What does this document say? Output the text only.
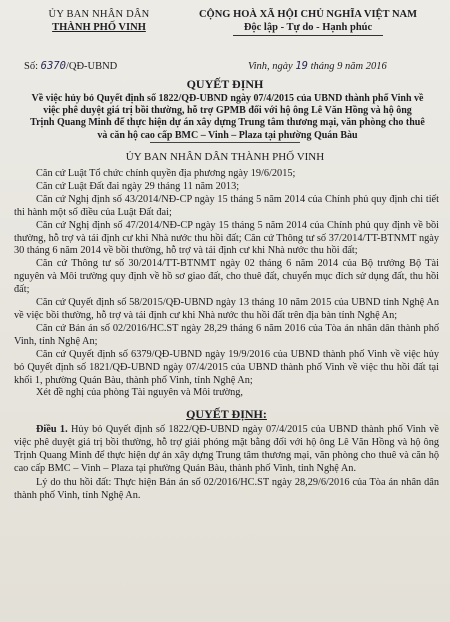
ỦY BAN NHÂN DÂN
THÀNH PHỐ VINH
CỘNG HOÀ XÃ HỘI CHỦ NGHĨA VIỆT NAM
Độc lập - Tự do - Hạnh phúc
Số: 6370/QĐ-UBND	Vinh, ngày 19 tháng 9 năm 2016
QUYẾT ĐỊNH
Về việc hủy bỏ Quyết định số 1822/QĐ-UBND ngày 07/4/2015 của UBND thành phố Vinh về việc phê duyệt giá trị bồi thường, hỗ trợ GPMB đối với hộ ông Lê Văn Hồng và hộ ông Trịnh Quang Minh để thực hiện dự án xây dựng Trung tâm thương mại, văn phòng cho thuê và căn hộ cao cấp BMC – Vinh – Plaza tại phường Quán Bàu
ỦY BAN NHÂN DÂN THÀNH PHỐ VINH

Căn cứ Luật Tổ chức chính quyền địa phương ngày 19/6/2015;

Căn cứ Luật Đất đai ngày 29 tháng 11 năm 2013;

Căn cứ Nghị định số 43/2014/NĐ-CP ngày 15 tháng 5 năm 2014 của Chính phủ quy định chi tiết thi hành một số điều của Luật Đất đai;

Căn cứ Nghị định số 47/2014/NĐ-CP ngày 15 tháng 5 năm 2014 của Chính phủ quy định về bồi thường, hỗ trợ và tái định cư khi Nhà nước thu hồi đất; Căn cứ Thông tư số 37/2014/TT-BTNMT ngày 30 tháng 6 năm 2014 về bồi thường, hỗ trợ và tái định cư khi Nhà nước thu hồi đất;

Căn cứ Thông tư số 30/2014/TT-BTNMT ngày 02 tháng 6 năm 2014 của Bộ trưởng Bộ Tài nguyên và Môi trường quy định về hồ sơ giao đất, cho thuê đất, chuyển mục đích sử dụng đất, thu hồi đất;

Căn cứ Quyết định số 58/2015/QĐ-UBND ngày 13 tháng 10 năm 2015 của UBND tỉnh Nghệ An về việc bồi thường, hỗ trợ và tái định cư khi Nhà nước thu hồi đất trên địa bàn tỉnh Nghệ An;

Căn cứ Bản án số 02/2016/HC.ST ngày 28,29 tháng 6 năm 2016 của Tòa án nhân dân thành phố Vinh, tỉnh Nghệ An;

Căn cứ Quyết định số 6379/QĐ-UBND ngày 19/9/2016 của UBND thành phố Vinh về việc hủy bỏ Quyết định số 1821/QĐ-UBND ngày 07/4/2015 của UBND thành phố Vinh về việc thu hồi đất tại khối 1, phường Quán Bàu, thành phố Vinh, tỉnh Nghệ An;

Xét đề nghị của phòng Tài nguyên và Môi trường,

QUYẾT ĐỊNH:

Điều 1. Hủy bỏ Quyết định số 1822/QĐ-UBND ngày 07/4/2015 của UBND thành phố Vinh về việc phê duyệt giá trị bồi thường, hỗ trợ giải phóng mặt bằng đối với hộ ông Lê Văn Hồng và hộ ông Trịnh Quang Minh để thực hiện dự án xây dựng Trung tâm thương mại, văn phòng cho thuê và căn hộ cao cấp BMC – Vinh – Plaza tại phường Quán Bàu, thành phố Vinh, tỉnh Nghệ An.

Lý do thu hồi đất: Thực hiện Bản án số 02/2016/HC.ST ngày 28,29/6/2016 của Tòa án nhân dân thành phố Vinh, tỉnh Nghệ An.
